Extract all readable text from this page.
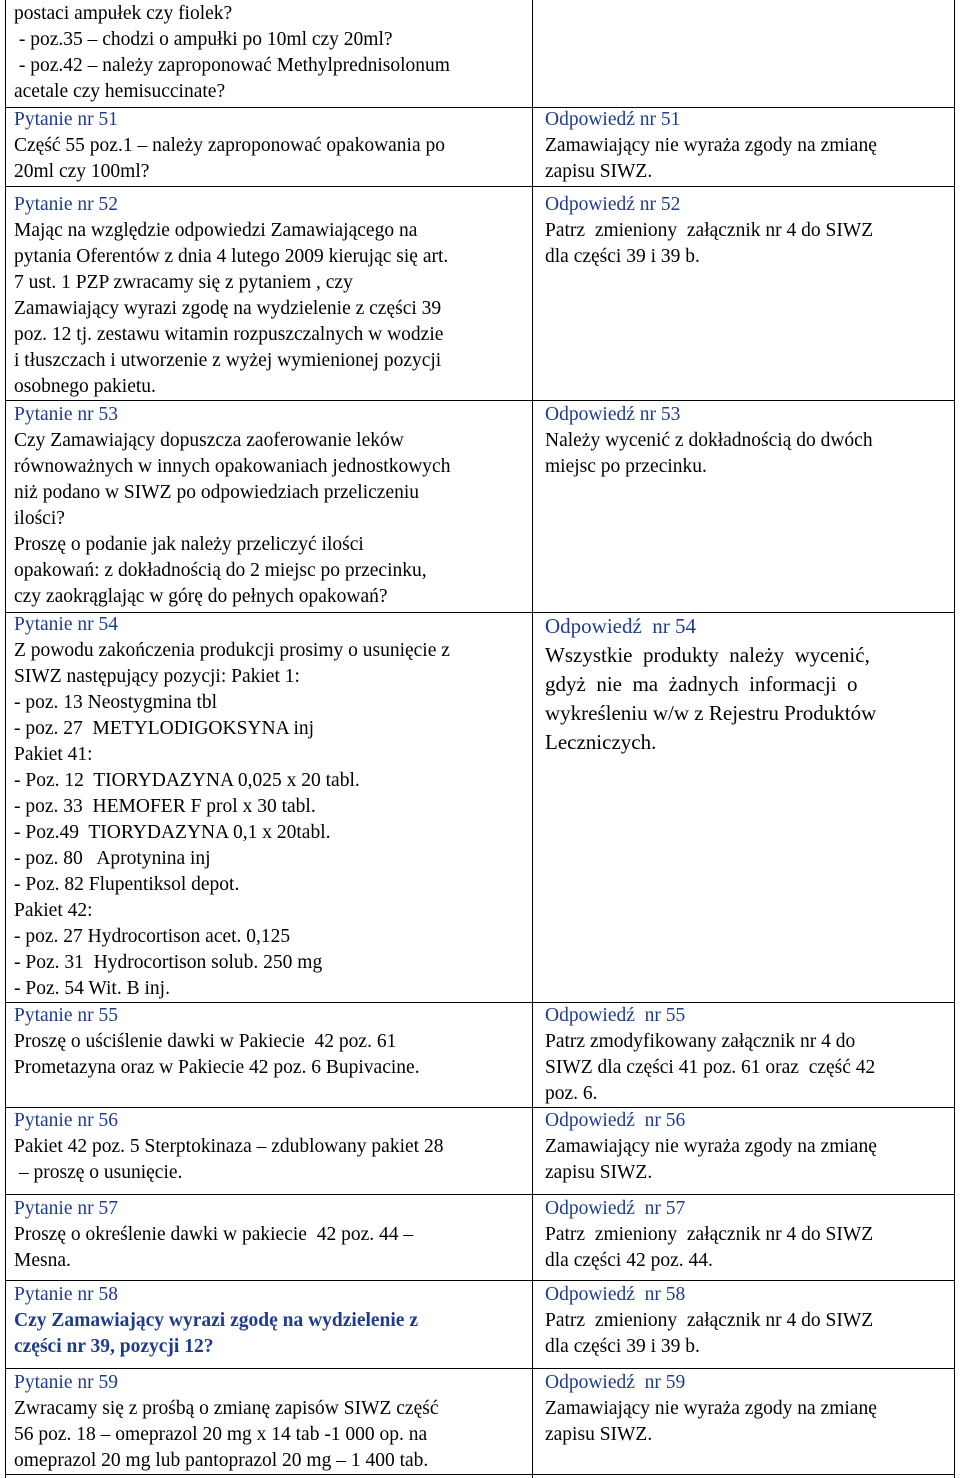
postaci ampułek czy fiolek?
- poz.35 – chodzi o ampułki po 10ml czy 20ml?
- poz.42 – należy zaproponować Methylprednisolonum
acetale czy hemisuccinate?
Pytanie nr 51
Część 55 poz.1 – należy zaproponować opakowania po
20ml czy 100ml?
Odpowiedź nr 51
Zamawiający nie wyraża zgody na zmianę
zapisu SIWZ.
Pytanie nr 52
Mając na względzie odpowiedzi Zamawiającego na
pytania Oferentów z dnia 4 lutego 2009 kierując się art.
7 ust. 1 PZP zwracamy się z pytaniem , czy
Zamawiający wyrazi zgodę na wydzielenie z części 39
poz. 12 tj. zestawu witamin rozpuszczalnych w wodzie
i tłuszczach i utworzenie z wyżej wymienionej pozycji
osobnego pakietu.
Odpowiedź nr 52
Patrz  zmieniony  załącznik nr 4 do SIWZ
dla części 39 i 39 b.
Pytanie nr 53
Czy Zamawiający dopuszcza zaoferowanie leków
równoważnych w innych opakowaniach jednostkowych
niż podano w SIWZ po odpowiedziach przeliczeniu
ilości?
Proszę o podanie jak należy przeliczyć ilości
opakowań: z dokładnością do 2 miejsc po przecinku,
czy zaokrąglając w górę do pełnych opakowań?
Odpowiedź nr 53
Należy wycenić z dokładnością do dwóch
miejsc po przecinku.
Pytanie nr 54
Z powodu zakończenia produkcji prosimy o usunięcie z
SIWZ następujący pozycji: Pakiet 1:
- poz. 13 Neostygmina tbl
- poz. 27  METYLODIGOKSYNA inj
Pakiet 41:
- Poz. 12  TIORYDAZYNA 0,025 x 20 tabl.
- poz. 33  HEMOFER F prol x 30 tabl.
- Poz.49  TIORYDAZYNA 0,1 x 20tabl.
- poz. 80   Aprotynina inj
- Poz. 82 Flupentiksol depot.
Pakiet 42:
- poz. 27 Hydrocortison acet. 0,125
- Poz. 31  Hydrocortison solub. 250 mg
- Poz. 54 Wit. B inj.
Odpowiedź  nr 54
Wszystkie  produkty  należy  wycenić,
gdyż  nie  ma  żadnych  informacji  o
wykreśleniu w/w z Rejestru Produktów
Leczniczych.
Pytanie nr 55
Proszę o uściślenie dawki w Pakiecie  42 poz. 61
Prometazyna oraz w Pakiecie 42 poz. 6 Bupivacine.
Odpowiedź  nr 55
Patrz zmodyfikowany załącznik nr 4 do
SIWZ dla części 41 poz. 61 oraz  część 42
poz. 6.
Pytanie nr 56
Pakiet 42 poz. 5 Sterptokinaza – zdublowany pakiet 28
– proszę o usunięcie.
Odpowiedź  nr 56
Zamawiający nie wyraża zgody na zmianę
zapisu SIWZ.
Pytanie nr 57
Proszę o określenie dawki w pakiecie  42 poz. 44 –
Mesna.
Odpowiedź  nr 57
Patrz  zmieniony  załącznik nr 4 do SIWZ
dla części 42 poz. 44.
Pytanie nr 58
Czy Zamawiający wyrazi zgodę na wydzielenie z
części nr 39, pozycji 12?
Odpowiedź  nr 58
Patrz  zmieniony  załącznik nr 4 do SIWZ
dla części 39 i 39 b.
Pytanie nr 59
Zwracamy się z prośbą o zmianę zapisów SIWZ część
56 poz. 18 – omeprazol 20 mg x 14 tab -1 000 op. na
omeprazol 20 mg lub pantoprazol 20 mg – 1 400 tab.
Odpowiedź  nr 59
Zamawiający nie wyraża zgody na zmianę
zapisu SIWZ.
